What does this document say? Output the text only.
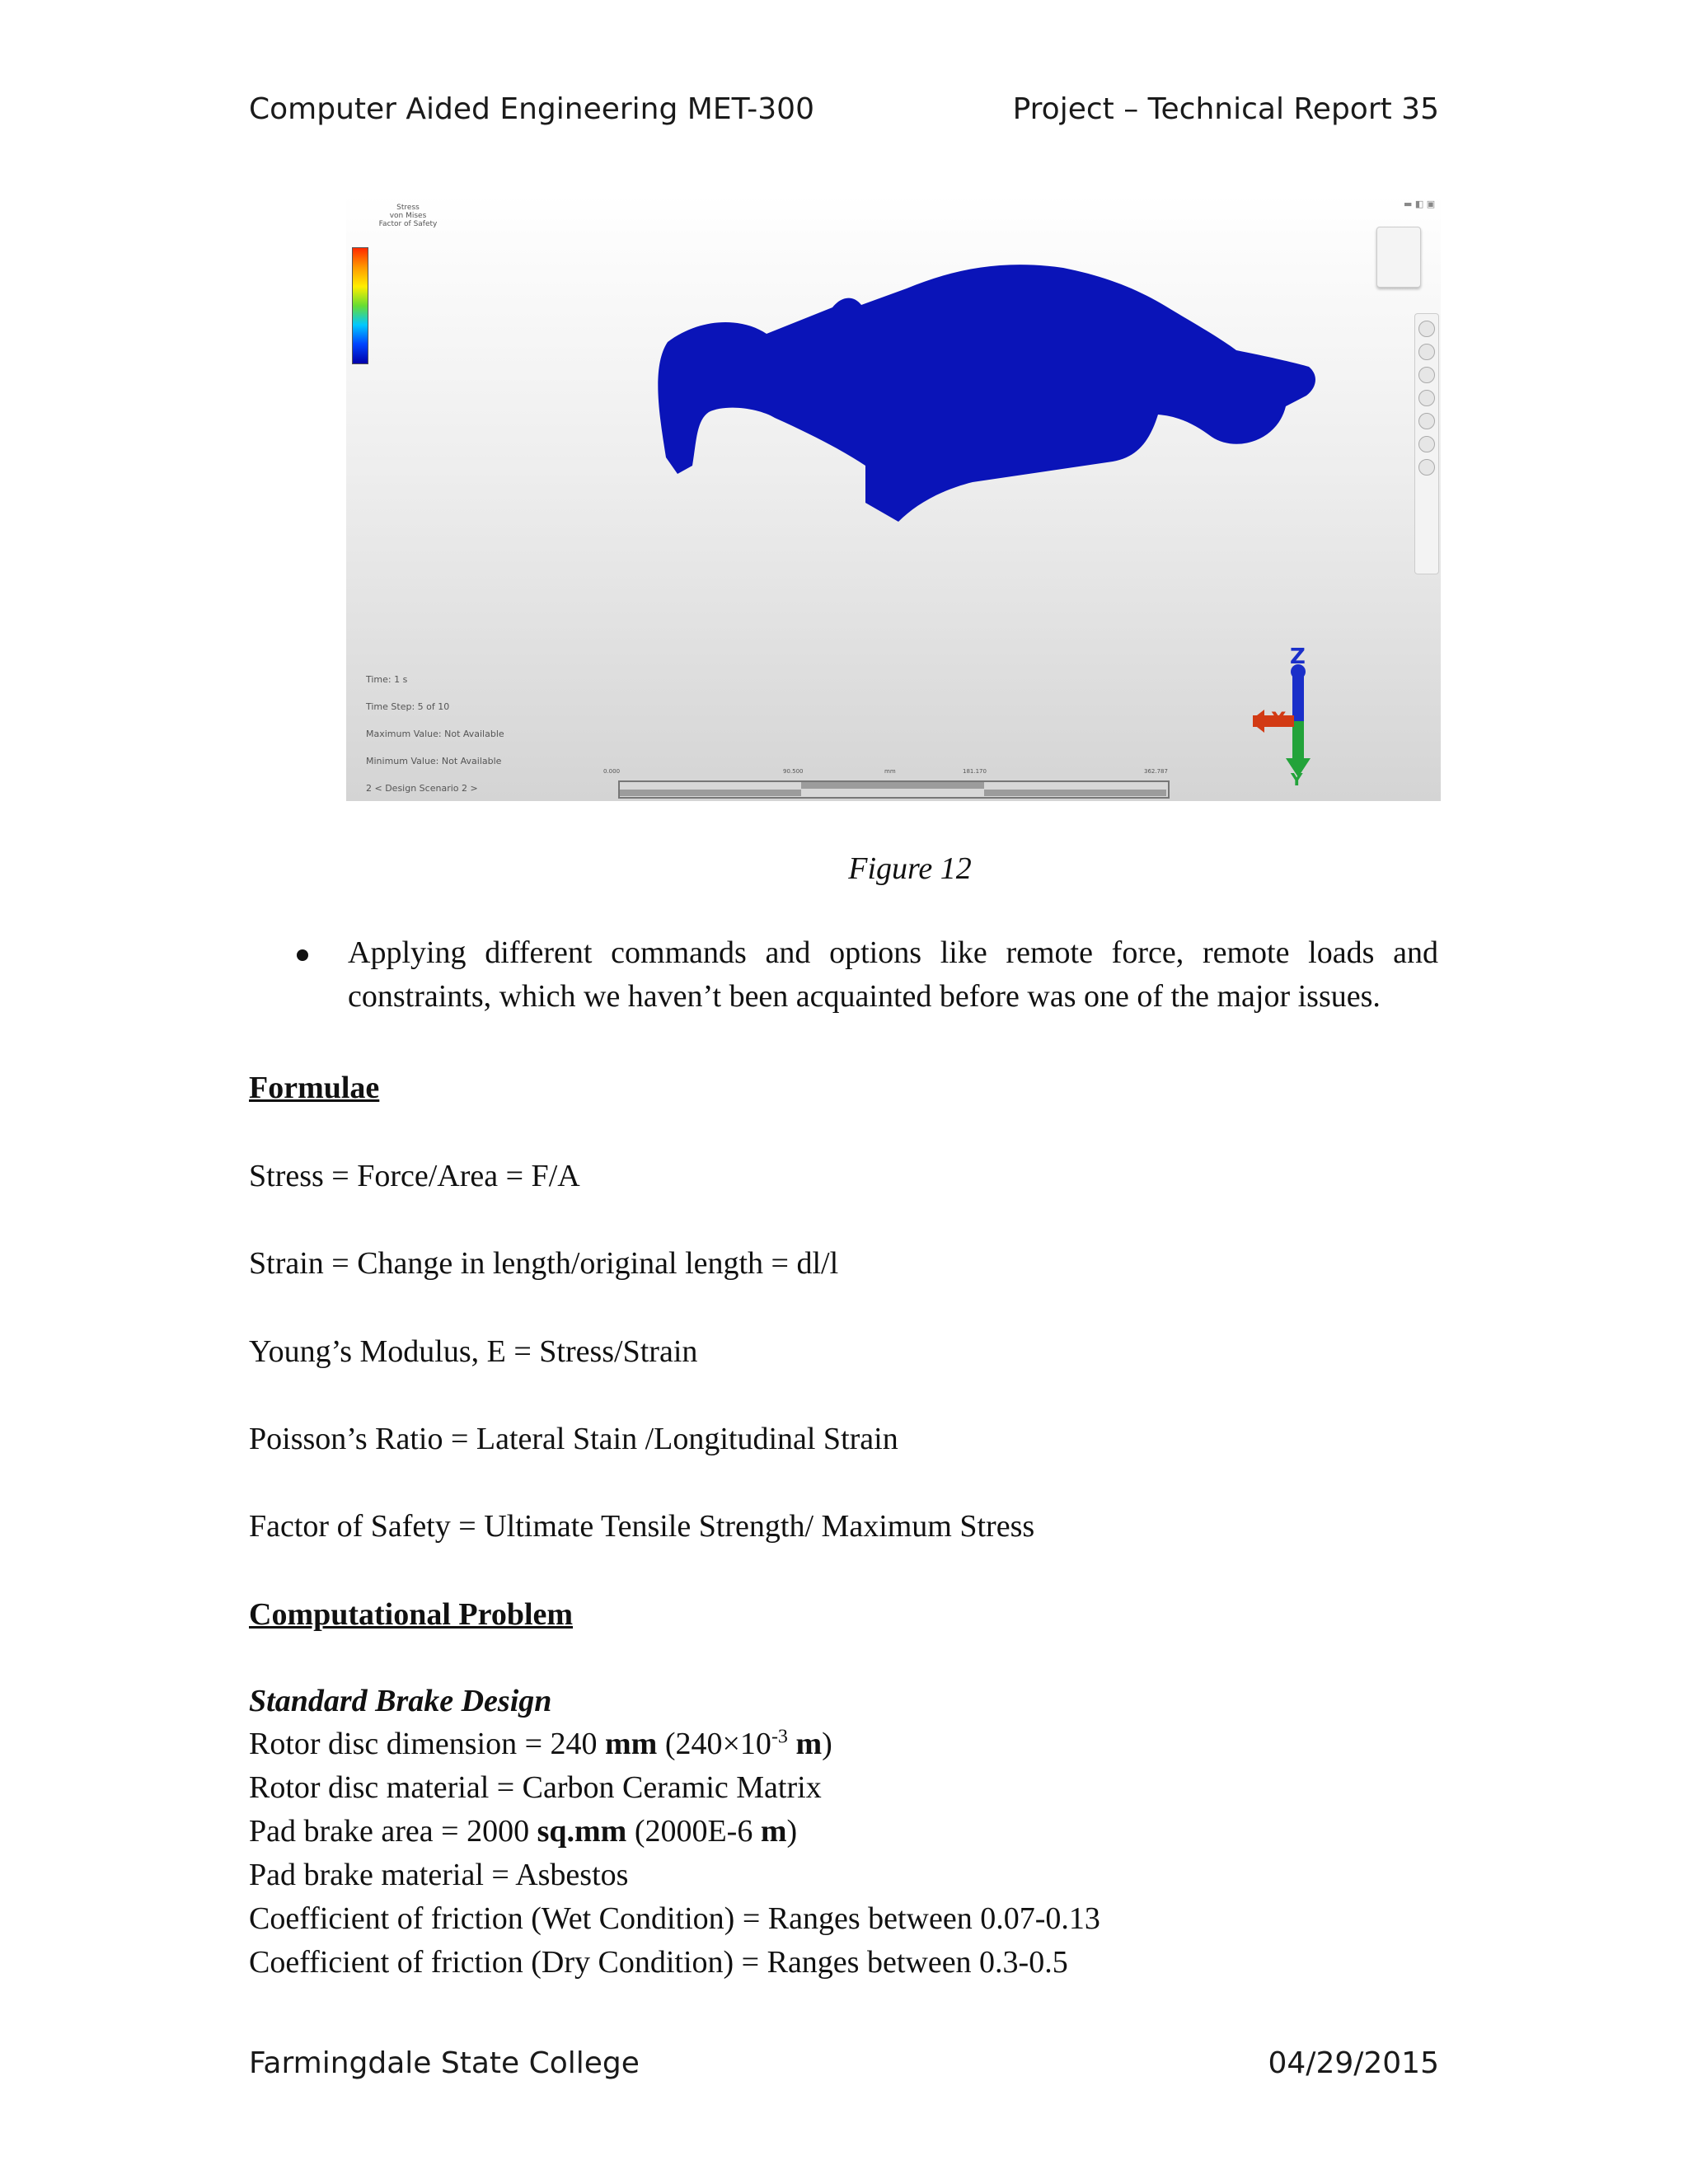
Computer Aided Engineering MET-300	Project – Technical Report 35
Stress
von Mises
Factor of Safety
▬ ◧ ▣
Z
Y
X
Time: 1 s
Time Step: 5 of 10
Maximum Value: Not Available
Minimum Value: Not Available
2 < Design Scenario 2 >
0.000	90.500	mm	181.170	362.787
Figure 12
Applying different commands and options like remote force, remote loads and constraints, which we haven’t been acquainted before was one of the major issues.
Formulae
Stress = Force/Area = F/A
Strain = Change in length/original length = dl/l
Young’s Modulus, E = Stress/Strain
Poisson’s Ratio = Lateral Stain /Longitudinal Strain
Factor of Safety = Ultimate Tensile Strength/ Maximum Stress
Computational Problem
Standard Brake Design
Rotor disc dimension = 240 mm ($240\times 10^{-3}$ m)
Rotor disc material = Carbon Ceramic Matrix
Pad brake area = 2000 sq.mm (2000E-6 m)
Pad brake material = Asbestos
Coefficient of friction (Wet Condition) = Ranges between 0.07-0.13
Coefficient of friction (Dry Condition) = Ranges between 0.3-0.5
Farmingdale State College	04/29/2015
